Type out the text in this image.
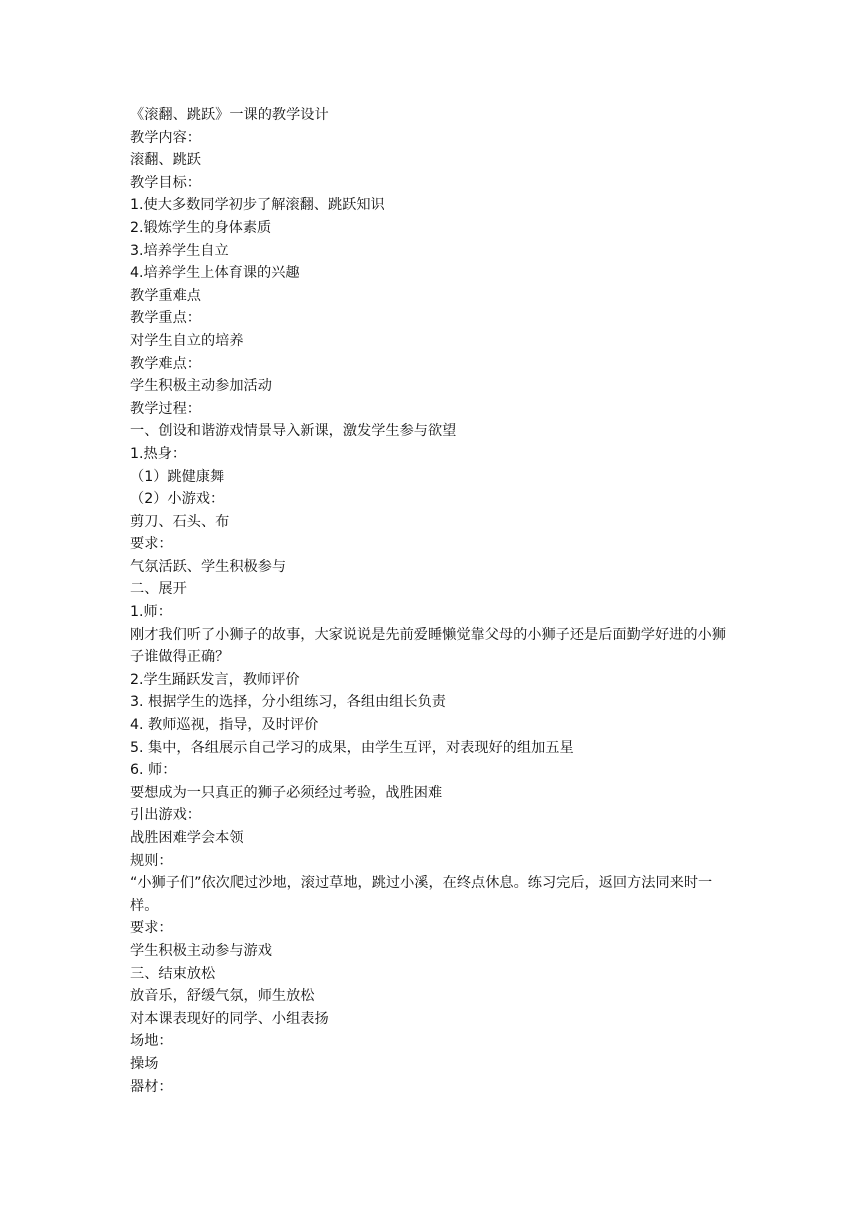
《滚翻、跳跃》一课的教学设计

教学内容：

滚翻、跳跃

教学目标：

1.使大多数同学初步了解滚翻、跳跃知识

2.锻炼学生的身体素质

3.培养学生自立

4.培养学生上体育课的兴趣

教学重难点

教学重点：

对学生自立的培养

教学难点：

学生积极主动参加活动

教学过程：

一、创设和谐游戏情景导入新课，激发学生参与欲望

1.热身：

（1）跳健康舞

（2）小游戏：

剪刀、石头、布

要求：

气氛活跃、学生积极参与

二、展开

1.师：

刚才我们听了小狮子的故事，大家说说是先前爱睡懒觉靠父母的小狮子还是后面勤学好进的小狮子谁做得正确？

2.学生踊跃发言，教师评价

3. 根据学生的选择，分小组练习，各组由组长负责

4. 教师巡视，指导，及时评价

5. 集中，各组展示自己学习的成果，由学生互评，对表现好的组加五星

6. 师：

要想成为一只真正的狮子必须经过考验，战胜困难

引出游戏：

战胜困难学会本领

规则：

“小狮子们”依次爬过沙地，滚过草地，跳过小溪，在终点休息。练习完后，返回方法同来时一样。

要求：

学生积极主动参与游戏

三、结束放松

放音乐，舒缓气氛，师生放松

对本课表现好的同学、小组表扬

场地：

操场

器材：
